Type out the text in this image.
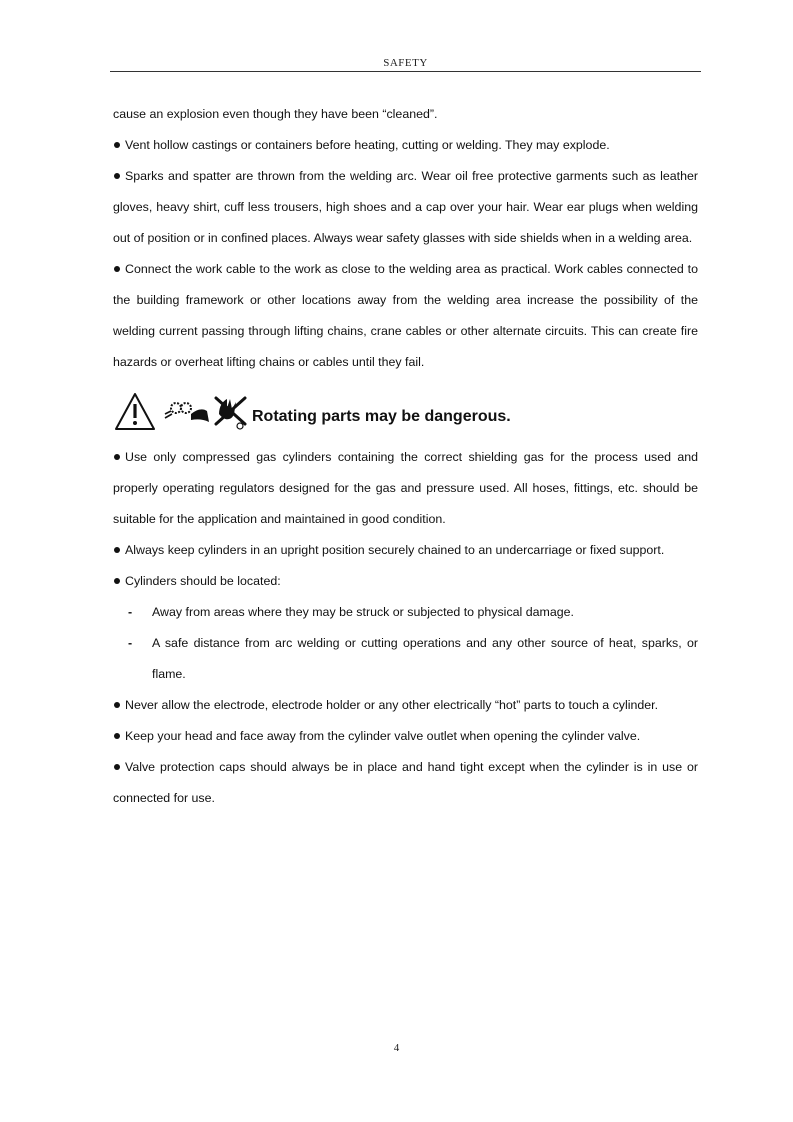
SAFETY

cause an explosion even though they have been “cleaned”.

Vent hollow castings or containers before heating, cutting or welding. They may explode.

Sparks and spatter are thrown from the welding arc. Wear oil free protective garments such as leather gloves, heavy shirt, cuff less trousers, high shoes and a cap over your hair. Wear ear plugs when welding out of position or in confined places. Always wear safety glasses with side shields when in a welding area.

Connect the work cable to the work as close to the welding area as practical. Work cables connected to the building framework or other locations away from the welding area increase the possibility of the welding current passing through lifting chains, crane cables or other alternate circuits. This can create fire hazards or overheat lifting chains or cables until they fail.

Rotating parts may be dangerous.

Use only compressed gas cylinders containing the correct shielding gas for the process used and properly operating regulators designed for the gas and pressure used. All hoses, fittings, etc. should be suitable for the application and maintained in good condition.

Always keep cylinders in an upright position securely chained to an undercarriage or fixed support.

Cylinders should be located:

- Away from areas where they may be struck or subjected to physical damage.
- A safe distance from arc welding or cutting operations and any other source of heat, sparks, or flame.

Never allow the electrode, electrode holder or any other electrically “hot” parts to touch a cylinder.

Keep your head and face away from the cylinder valve outlet when opening the cylinder valve.

Valve protection caps should always be in place and hand tight except when the cylinder is in use or connected for use.

4
